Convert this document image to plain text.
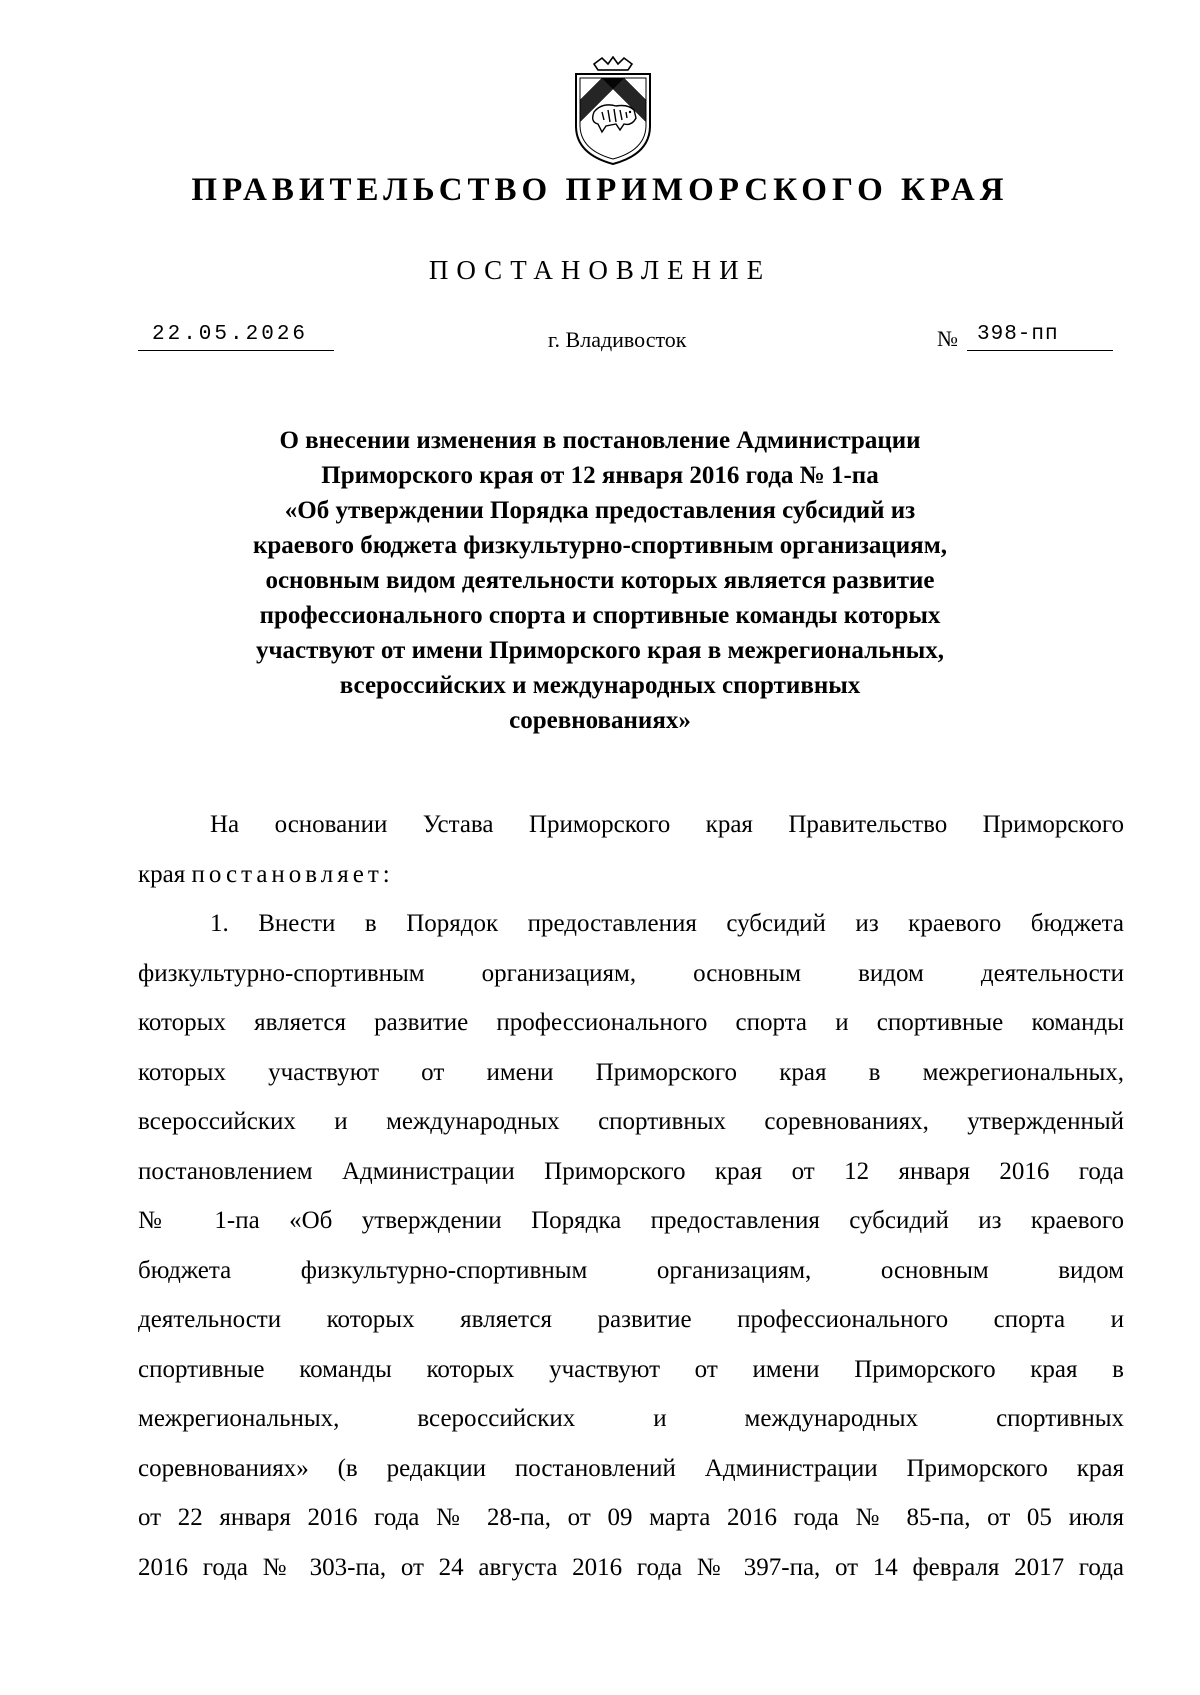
ПРАВИТЕЛЬСТВО ПРИМОРСКОГО КРАЯ
ПОСТАНОВЛЕНИЕ
22.05.2026	г. Владивосток	№ 398-пп
О внесении изменения в постановление Администрации
Приморского края от 12 января 2016 года № 1-па
«Об утверждении Порядка предоставления субсидий из
краевого бюджета физкультурно-спортивным организациям,
основным видом деятельности которых является развитие
профессионального спорта и спортивные команды которых
участвуют от имени Приморского края в межрегиональных,
всероссийских и международных спортивных
соревнованиях»
На основании Устава Приморского края Правительство Приморского
края постановляет:
1. Внести в Порядок предоставления субсидий из краевого бюджета
физкультурно-спортивным организациям, основным видом деятельности
которых является развитие профессионального спорта и спортивные команды
которых участвуют от имени Приморского края в межрегиональных,
всероссийских и международных спортивных соревнованиях, утвержденный
постановлением Администрации Приморского края от 12 января 2016 года
№ 1-па «Об утверждении Порядка предоставления субсидий из краевого
бюджета физкультурно-спортивным организациям, основным видом
деятельности которых является развитие профессионального спорта и
спортивные команды которых участвуют от имени Приморского края в
межрегиональных, всероссийских и международных спортивных
соревнованиях» (в редакции постановлений Администрации Приморского края
от 22 января 2016 года № 28-па, от 09 марта 2016 года № 85-па, от 05 июля
2016 года № 303-па, от 24 августа 2016 года № 397-па, от 14 февраля 2017 года
